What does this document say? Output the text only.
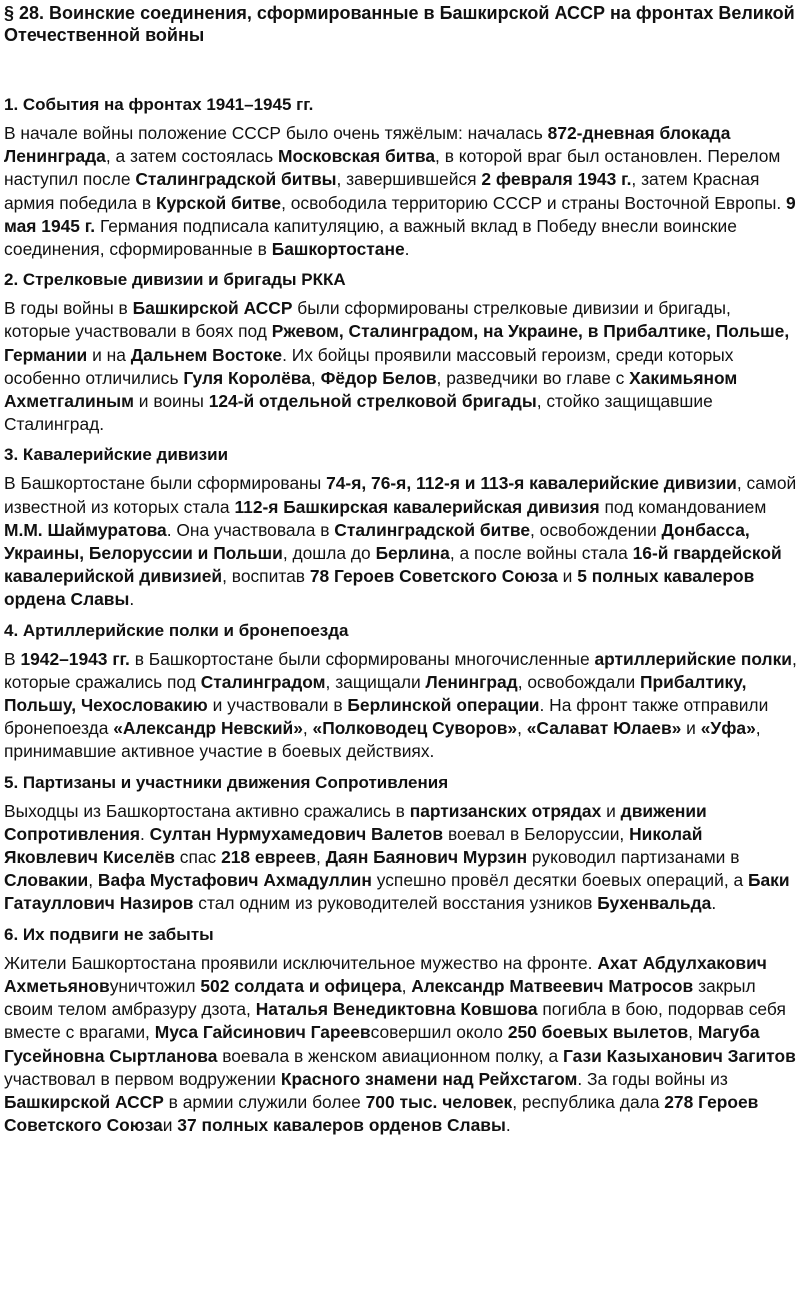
§ 28. Воинские соединения, сформированные в Башкирской АССР на фронтах Великой Отечественной войны
1. События на фронтах 1941–1945 гг.

В начале войны положение СССР было очень тяжёлым: началась 872-дневная блокада Ленинграда, а затем состоялась Московская битва, в которой враг был остановлен. Перелом наступил после Сталинградской битвы, завершившейся 2 февраля 1943 г., затем Красная армия победила в Курской битве, освободила территорию СССР и страны Восточной Европы. 9 мая 1945 г. Германия подписала капитуляцию, а важный вклад в Победу внесли воинские соединения, сформированные в Башкортостане.

2. Стрелковые дивизии и бригады РККА

В годы войны в Башкирской АССР были сформированы стрелковые дивизии и бригады, которые участвовали в боях под Ржевом, Сталинградом, на Украине, в Прибалтике, Польше, Германии и на Дальнем Востоке. Их бойцы проявили массовый героизм, среди которых особенно отличились Гуля Королёва, Фёдор Белов, разведчики во главе с Хакимьяном Ахметгалиным и воины 124-й отдельной стрелковой бригады, стойко защищавшие Сталинград.

3. Кавалерийские дивизии

В Башкортостане были сформированы 74-я, 76-я, 112-я и 113-я кавалерийские дивизии, самой известной из которых стала 112-я Башкирская кавалерийская дивизия под командованием М.М. Шаймуратова. Она участвовала в Сталинградской битве, освобождении Донбасса, Украины, Белоруссии и Польши, дошла до Берлина, а после войны стала 16-й гвардейской кавалерийской дивизией, воспитав 78 Героев Советского Союза и 5 полных кавалеров ордена Славы.

4. Артиллерийские полки и бронепоезда

В 1942–1943 гг. в Башкортостане были сформированы многочисленные артиллерийские полки, которые сражались под Сталинградом, защищали Ленинград, освобождали Прибалтику, Польшу, Чехословакию и участвовали в Берлинской операции. На фронт также отправили бронепоезда «Александр Невский», «Полководец Суворов», «Салават Юлаев» и «Уфа», принимавшие активное участие в боевых действиях.

5. Партизаны и участники движения Сопротивления

Выходцы из Башкортостана активно сражались в партизанских отрядах и движении Сопротивления. Султан Нурмухамедович Валетов воевал в Белоруссии, Николай Яковлевич Киселёв спас 218 евреев, Даян Баянович Мурзин руководил партизанами в Словакии, Вафа Мустафович Ахмадуллин успешно провёл десятки боевых операций, а Баки Гатауллович Назиров стал одним из руководителей восстания узников Бухенвальда.

6. Их подвиги не забыты

Жители Башкортостана проявили исключительное мужество на фронте. Ахат Абдулхакович Ахметьяновуничтожил 502 солдата и офицера, Александр Матвеевич Матросов закрыл своим телом амбразуру дзота, Наталья Венедиктовна Ковшова погибла в бою, подорвав себя вместе с врагами, Муса Гайсинович Гареевсовершил около 250 боевых вылетов, Магуба Гусейновна Сыртланова воевала в женском авиационном полку, а Гази Казыханович Загитов участвовал в первом водружении Красного знамени над Рейхстагом. За годы войны из Башкирской АССР в армии служили более 700 тыс. человек, республика дала 278 Героев Советского Союзаи 37 полных кавалеров орденов Славы.
